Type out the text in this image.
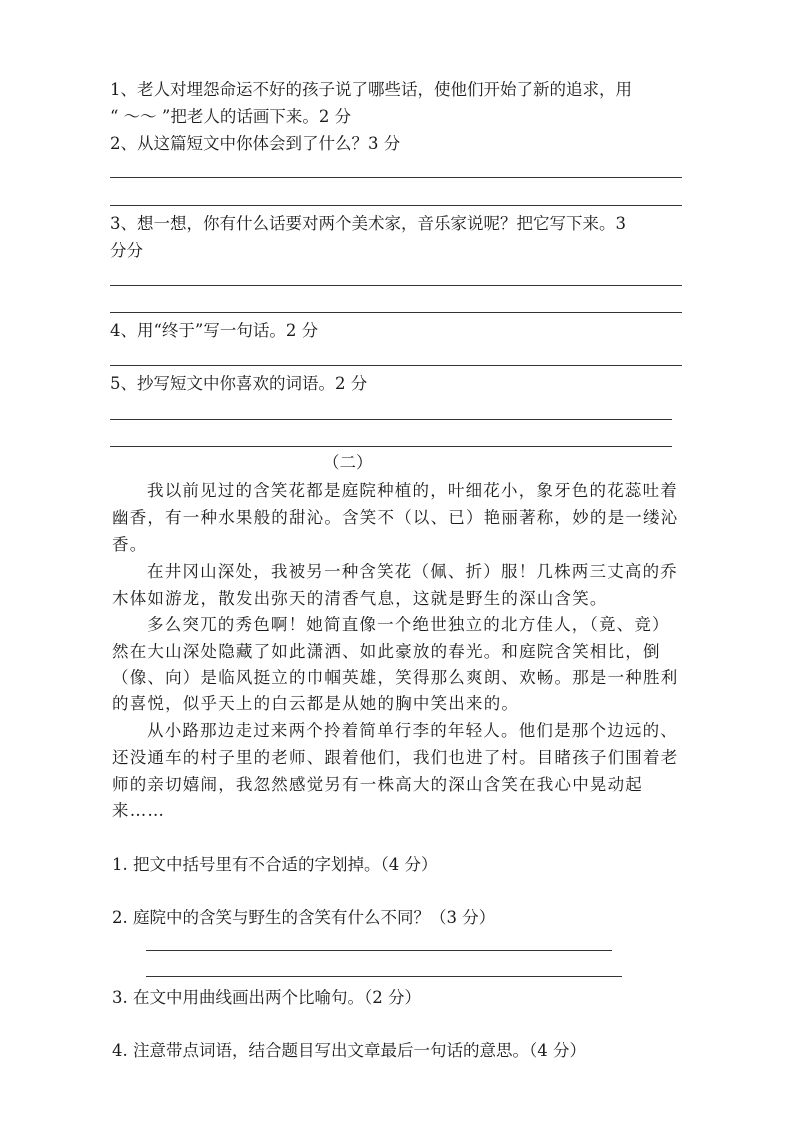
1、老人对埋怨命运不好的孩子说了哪些话，使他们开始了新的追求，用
“ ～～ ”把老人的话画下来。2 分
2、从这篇短文中你体会到了什么？3 分
3、想一想，你有什么话要对两个美术家，音乐家说呢？把它写下来。3
分分
4、用“终于”写一句话。2 分
5、抄写短文中你喜欢的词语。2 分
（二）
我以前见过的含笑花都是庭院种植的，叶细花小，象牙色的花蕊吐着
幽香，有一种水果般的甜沁。含笑不（以、已）艳丽著称，妙的是一缕沁
香。
在井冈山深处，我被另一种含笑花（佩、折）服！几株两三丈高的乔
木体如游龙，散发出弥天的清香气息，这就是野生的深山含笑。
多么突兀的秀色啊！她简直像一个绝世独立的北方佳人，（竟、竞）
然在大山深处隐藏了如此潇洒、如此豪放的春光。和庭院含笑相比，倒
（像、向）是临风挺立的巾帼英雄，笑得那么爽朗、欢畅。那是一种胜利
的喜悦，似乎天上的白云都是从她的胸中笑出来的。
从小路那边走过来两个拎着简单行李的年轻人。他们是那个边远的、
还没通车的村子里的老师、跟着他们，我们也进了村。目睹孩子们围着老
师的亲切嬉闹，我忽然感觉另有一株高大的深山含笑在我心中晃动起
来……
1. 把文中括号里有不合适的字划掉。（4 分）
2. 庭院中的含笑与野生的含笑有什么不同？（3 分）
3. 在文中用曲线画出两个比喻句。（2 分）
4. 注意带点词语，结合题目写出文章最后一句话的意思。（4 分）
